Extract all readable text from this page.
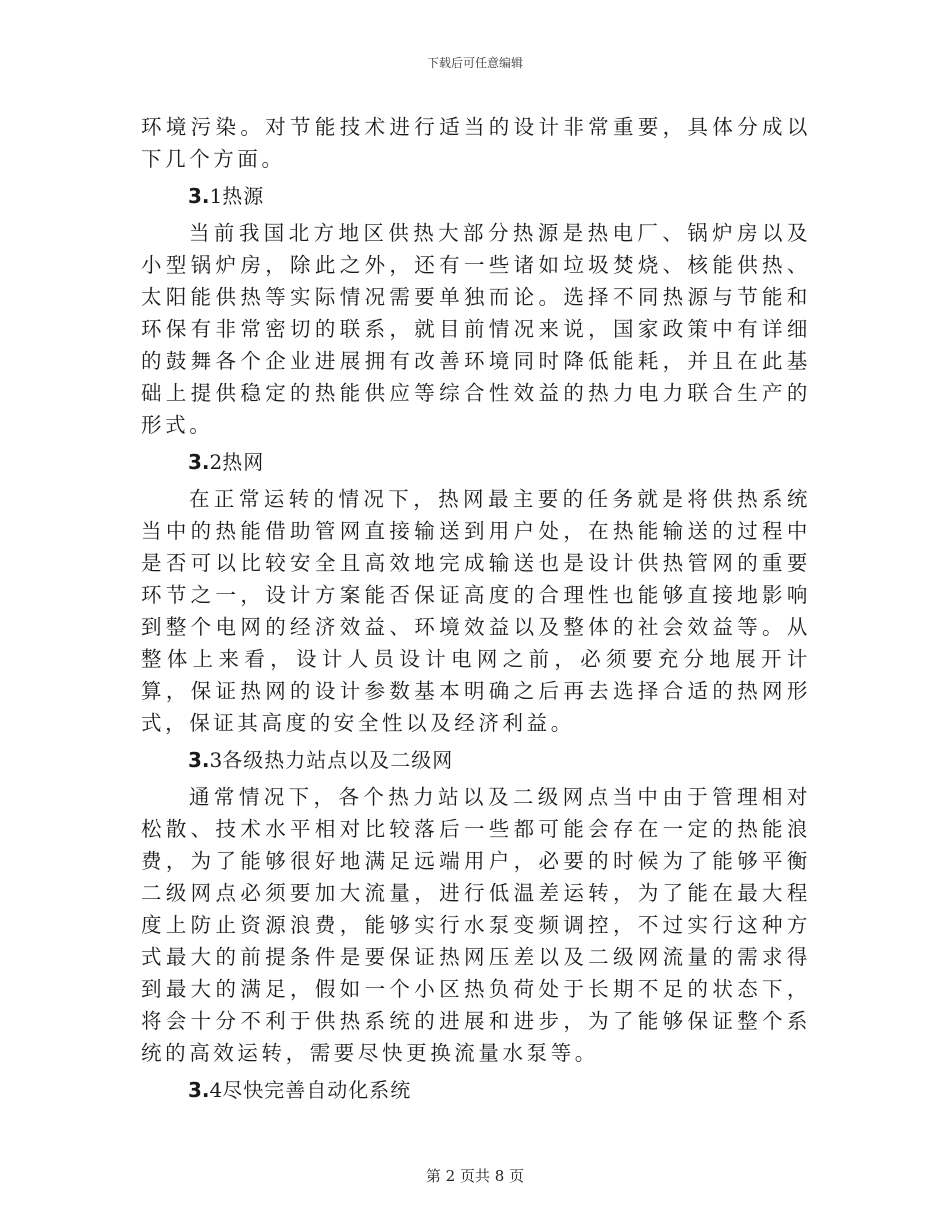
下载后可任意编辑

环境污染。对节能技术进行适当的设计非常重要，具体分成以下几个方面。

3.1热源

当前我国北方地区供热大部分热源是热电厂、锅炉房以及小型锅炉房，除此之外，还有一些诸如垃圾焚烧、核能供热、太阳能供热等实际情况需要单独而论。选择不同热源与节能和环保有非常密切的联系，就目前情况来说，国家政策中有详细的鼓舞各个企业进展拥有改善环境同时降低能耗，并且在此基础上提供稳定的热能供应等综合性效益的热力电力联合生产的形式。

3.2热网

在正常运转的情况下，热网最主要的任务就是将供热系统当中的热能借助管网直接输送到用户处，在热能输送的过程中是否可以比较安全且高效地完成输送也是设计供热管网的重要环节之一，设计方案能否保证高度的合理性也能够直接地影响到整个电网的经济效益、环境效益以及整体的社会效益等。从整体上来看，设计人员设计电网之前，必须要充分地展开计算，保证热网的设计参数基本明确之后再去选择合适的热网形式，保证其高度的安全性以及经济利益。

3.3各级热力站点以及二级网

通常情况下，各个热力站以及二级网点当中由于管理相对松散、技术水平相对比较落后一些都可能会存在一定的热能浪费，为了能够很好地满足远端用户，必要的时候为了能够平衡二级网点必须要加大流量，进行低温差运转，为了能在最大程度上防止资源浪费，能够实行水泵变频调控，不过实行这种方式最大的前提条件是要保证热网压差以及二级网流量的需求得到最大的满足，假如一个小区热负荷处于长期不足的状态下，将会十分不利于供热系统的进展和进步，为了能够保证整个系统的高效运转，需要尽快更换流量水泵等。

3.4尽快完善自动化系统
第 2 页共 8 页
